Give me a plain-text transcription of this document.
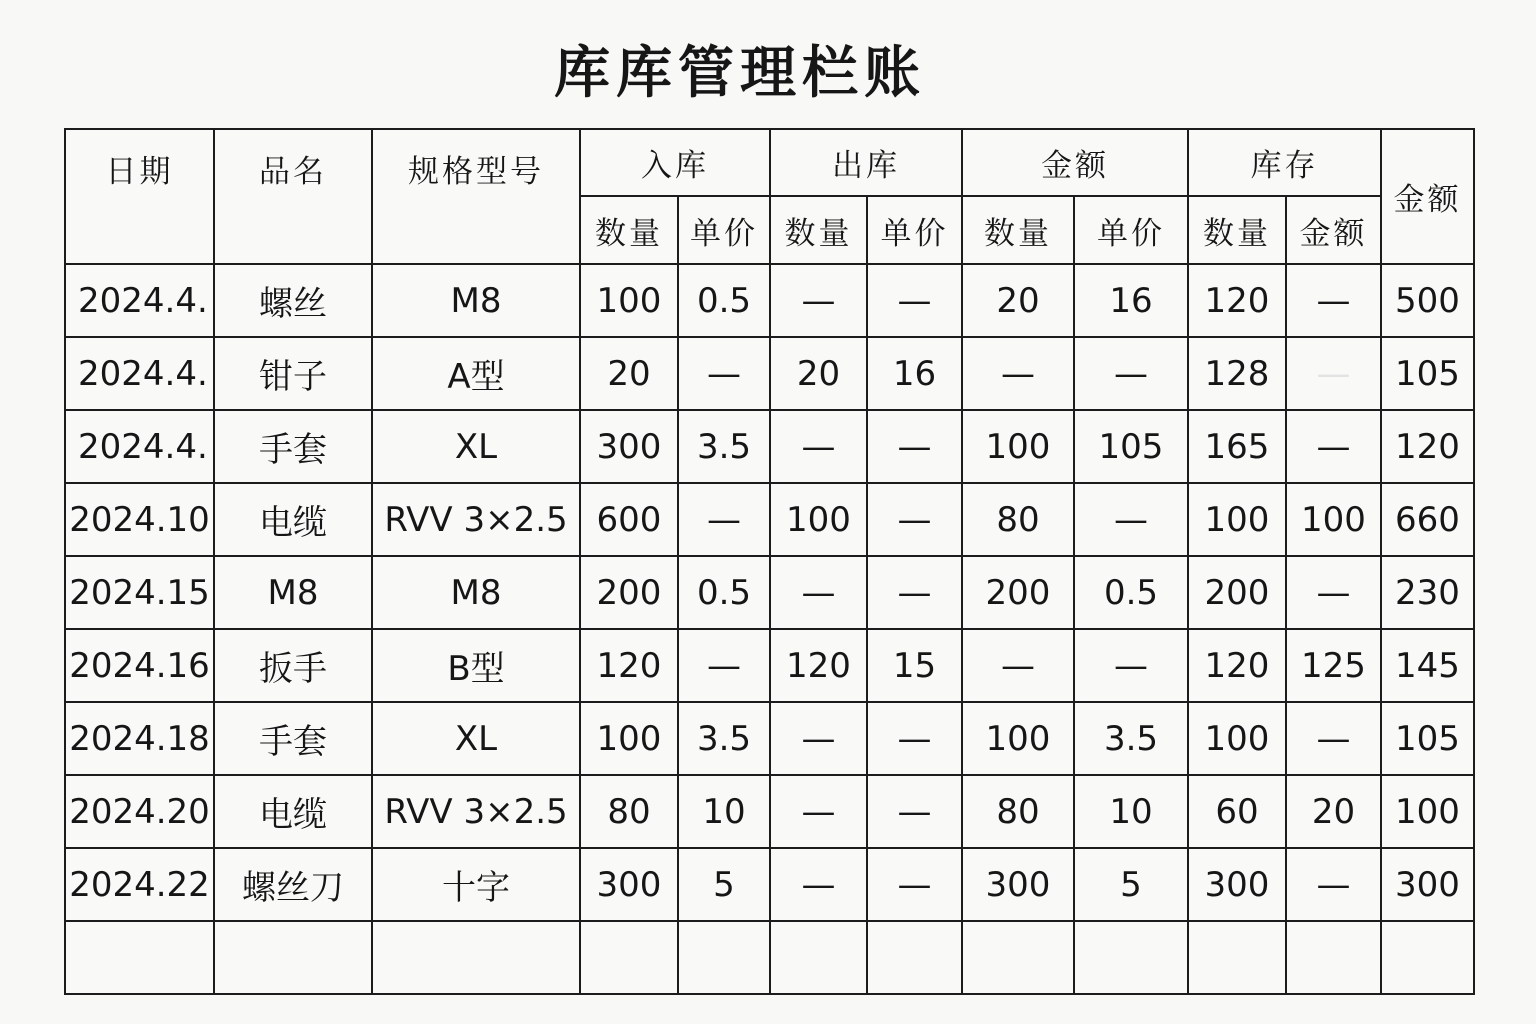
库库管理栏账
日期	品名	规格型号	入库		出库		金额		库存		金额
			数量	单价	数量	单价	数量	单价	数量	金额	
2024.4.	螺丝	M8	100	0.5	—	—	20	16	120	—	500
2024.4.	钳子	A型	20	—	20	16	—	—	128	—	105
2024.4.	手套	XL	300	3.5	—	—	100	105	165	—	120
2024.10	电缆	RVV 3×2.5	600	—	100	—	80	—	100	100	660
2024.15	M8	M8	200	0.5	—	—	200	0.5	200	—	230
2024.16	扳手	B型	120	—	120	15	—	—	120	125	145
2024.18	手套	XL	100	3.5	—	—	100	3.5	100	—	105
2024.20	电缆	RVV 3×2.5	80	10	—	—	80	10	60	20	100
2024.22	螺丝刀	十字	300	5	—	—	300	5	300	—	300
